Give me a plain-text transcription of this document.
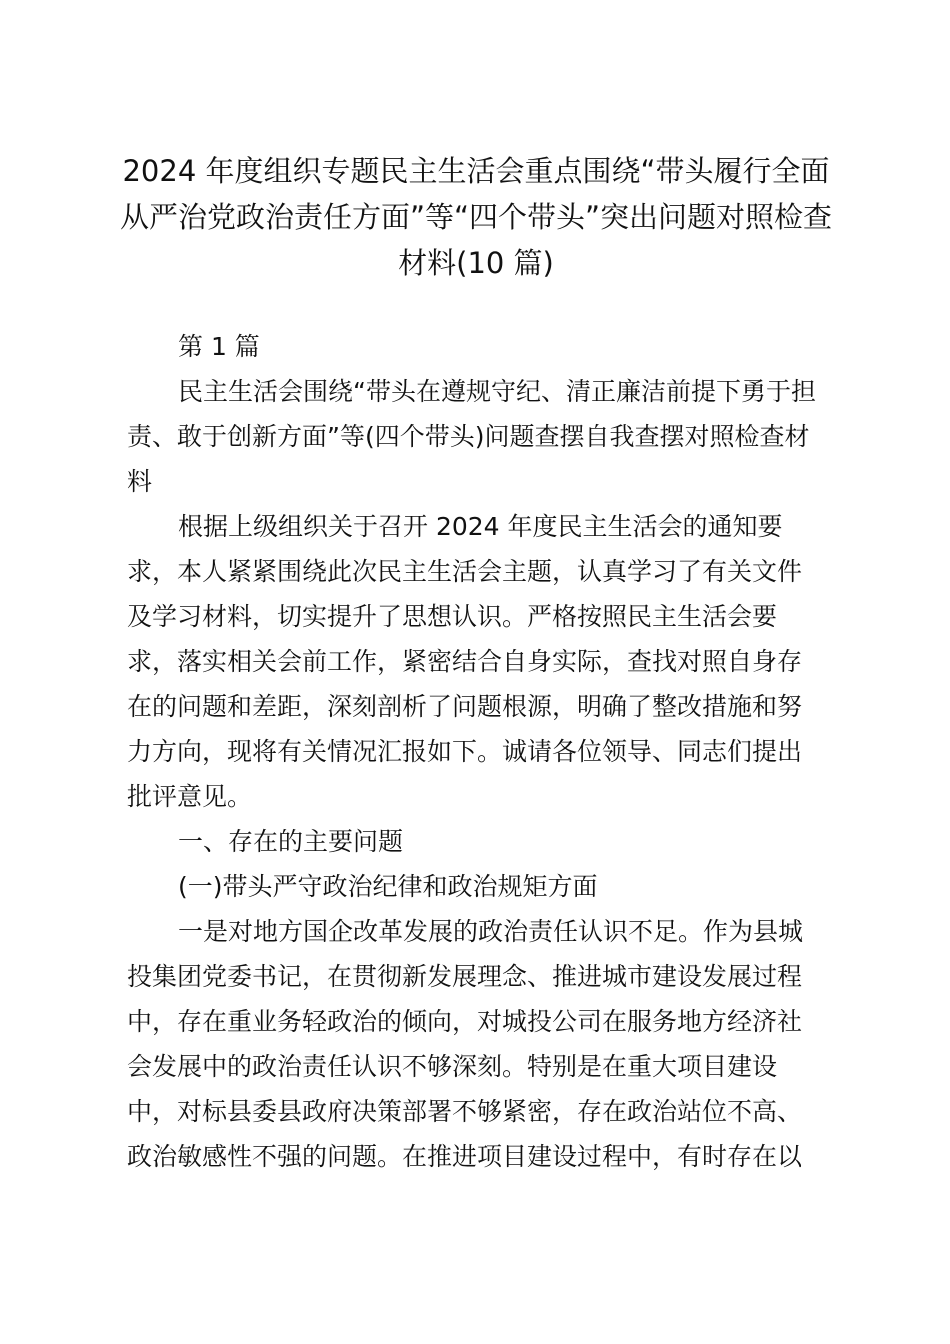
2024 年度组织专题民主生活会重点围绕“带头履行全面
从严治党政治责任方面”等“四个带头”突出问题对照检查
材料(10 篇)
第 1 篇
民主生活会围绕“带头在遵规守纪、清正廉洁前提下勇于担
责、敢于创新方面”等(四个带头)问题查摆自我查摆对照检查材
料
根据上级组织关于召开 2024 年度民主生活会的通知要
求，本人紧紧围绕此次民主生活会主题，认真学习了有关文件
及学习材料，切实提升了思想认识。严格按照民主生活会要
求，落实相关会前工作，紧密结合自身实际，查找对照自身存
在的问题和差距，深刻剖析了问题根源，明确了整改措施和努
力方向，现将有关情况汇报如下。诚请各位领导、同志们提出
批评意见。
一、存在的主要问题
(一)带头严守政治纪律和政治规矩方面
一是对地方国企改革发展的政治责任认识不足。作为县城
投集团党委书记，在贯彻新发展理念、推进城市建设发展过程
中，存在重业务轻政治的倾向，对城投公司在服务地方经济社
会发展中的政治责任认识不够深刻。特别是在重大项目建设
中，对标县委县政府决策部署不够紧密，存在政治站位不高、
政治敏感性不强的问题。在推进项目建设过程中，有时存在以
